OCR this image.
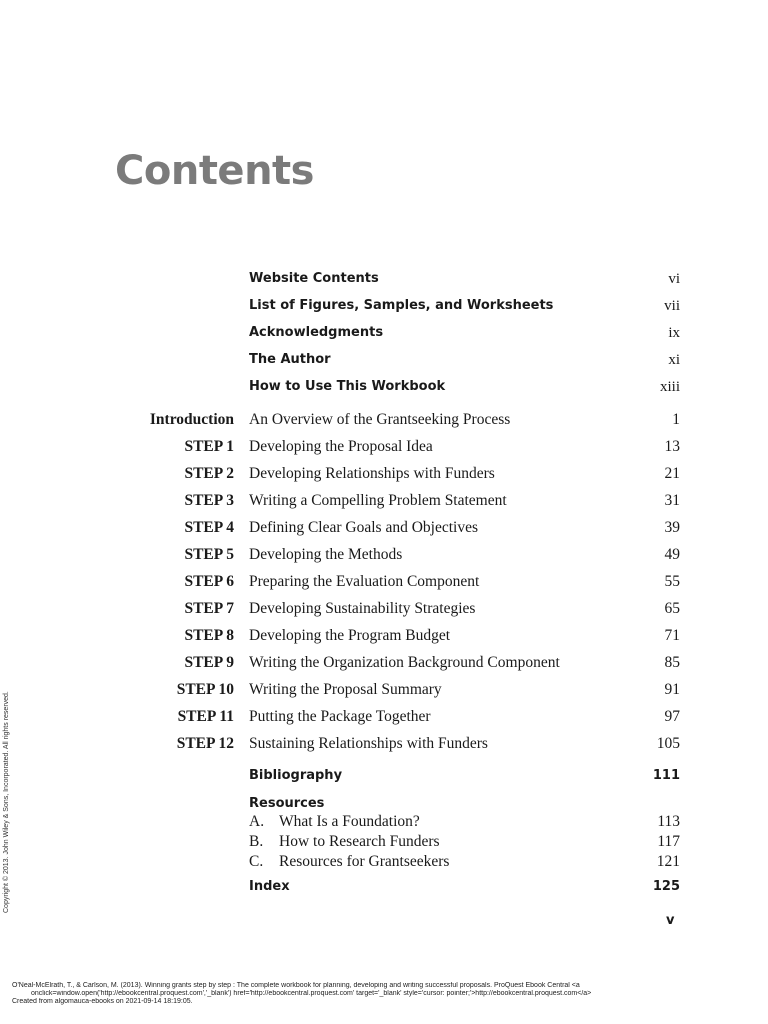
Contents
Website Contents	vi
List of Figures, Samples, and Worksheets	vii
Acknowledgments	ix
The Author	xi
How to Use This Workbook	xiii
Introduction An Overview of the Grantseeking Process	1
STEP 1 Developing the Proposal Idea	13
STEP 2 Developing Relationships with Funders	21
STEP 3 Writing a Compelling Problem Statement	31
STEP 4 Defining Clear Goals and Objectives	39
STEP 5 Developing the Methods	49
STEP 6 Preparing the Evaluation Component	55
STEP 7 Developing Sustainability Strategies	65
STEP 8 Developing the Program Budget	71
STEP 9 Writing the Organization Background Component	85
STEP 10 Writing the Proposal Summary	91
STEP 11 Putting the Package Together	97
STEP 12 Sustaining Relationships with Funders	105
Bibliography	111
Resources
A. What Is a Foundation?	113
B. How to Research Funders	117
C. Resources for Grantseekers	121
Index	125
v
Copyright © 2013. John Wiley & Sons, Incorporated. All rights reserved.
O'Neal-McElrath, T., & Carlson, M. (2013). Winning grants step by step : The complete workbook for planning, developing and writing successful proposals. ProQuest Ebook Central <a
onclick=window.open('http://ebookcentral.proquest.com','_blank') href='http://ebookcentral.proquest.com' target='_blank' style='cursor: pointer;'>http://ebookcentral.proquest.com</a>
Created from algomauca-ebooks on 2021-09-14 18:19:05.
